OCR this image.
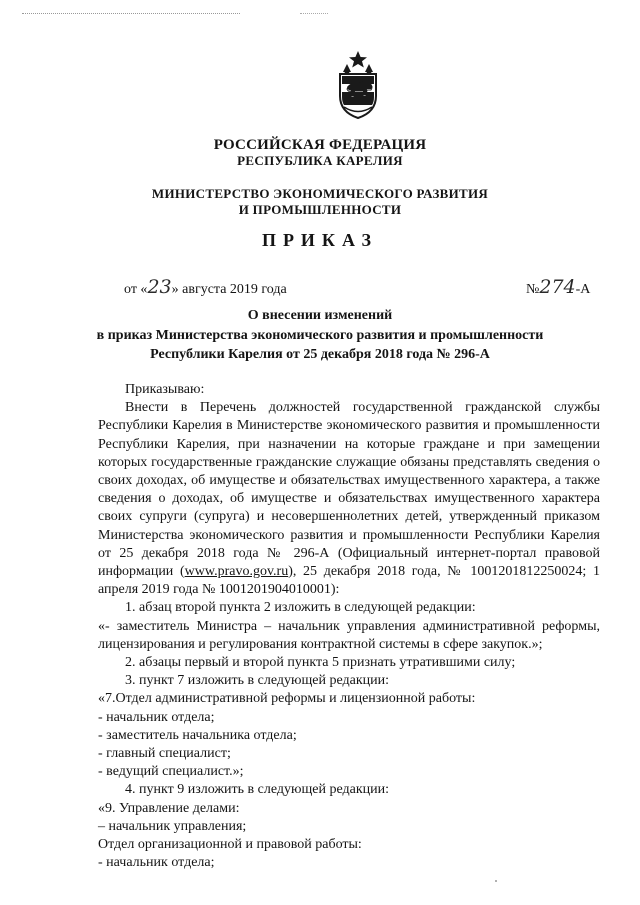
РОССИЙСКАЯ ФЕДЕРАЦИЯ
РЕСПУБЛИКА КАРЕЛИЯ
МИНИСТЕРСТВО ЭКОНОМИЧЕСКОГО РАЗВИТИЯ
И ПРОМЫШЛЕННОСТИ
ПРИКАЗ
от «23» августа 2019 года	№274-А
О внесении изменений
в приказ Министерства экономического развития и промышленности
Республики Карелия от 25 декабря 2018 года № 296-А

Приказываю:

Внести в Перечень должностей государственной гражданской службы Республики Карелия в Министерстве экономического развития и промышленности Республики Карелия, при назначении на которые граждане и при замещении которых государственные гражданские служащие обязаны представлять сведения о своих доходах, об имуществе и обязательствах имущественного характера, а также сведения о доходах, об имуществе и обязательствах имущественного характера своих супруги (супруга) и несовершеннолетних детей, утвержденный приказом Министерства экономического развития и промышленности Республики Карелия от 25 декабря 2018 года № 296-А (Официальный интернет-портал правовой информации (www.pravo.gov.ru), 25 декабря 2018 года, № 1001201812250024; 1 апреля 2019 года № 1001201904010001):

1. абзац второй пункта 2 изложить в следующей редакции:

«- заместитель Министра – начальник управления административной реформы, лицензирования и регулирования контрактной системы в сфере закупок.»;

2. абзацы первый и второй пункта 5 признать утратившими силу;

3. пункт 7 изложить в следующей редакции:

«7.Отдел административной реформы и лицензионной работы:

- начальник отдела;

- заместитель начальника отдела;

- главный специалист;

- ведущий специалист.»;

4. пункт 9 изложить в следующей редакции:

«9. Управление делами:

– начальник управления;

Отдел организационной и правовой работы:

- начальник отдела;
